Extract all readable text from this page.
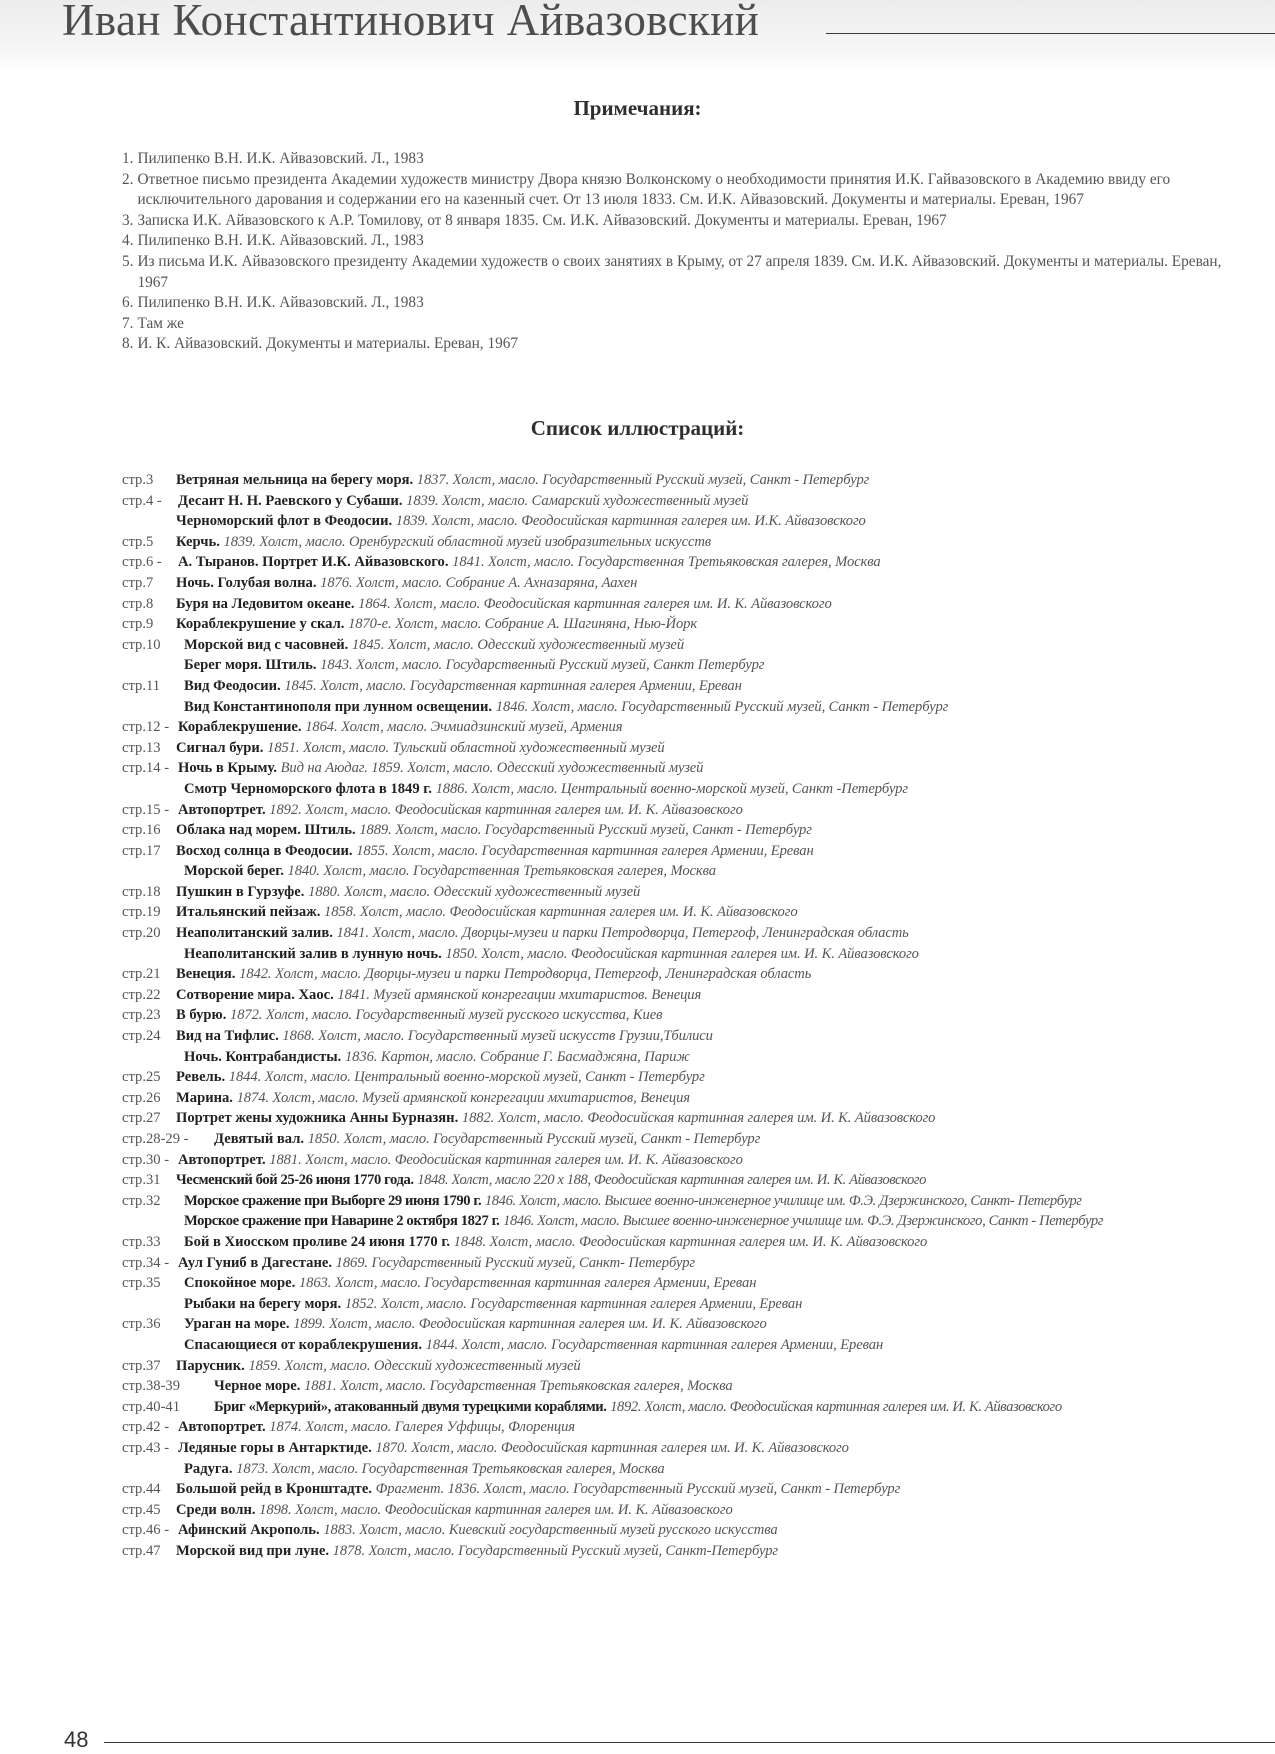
Иван Константинович Айвазовский
Примечания:
1. Пилипенко В.Н. И.К. Айвазовский. Л., 1983
2. Ответное письмо президента Академии художеств министру Двора князю Волконскому о необходимости принятия И.К. Гайвазовского в Академию ввиду его исключительного дарования и содержании его на казенный счет. От 13 июля 1833. См. И.К. Айвазовский. Документы и материалы. Ереван, 1967
3. Записка И.К. Айвазовского к А.Р. Томилову, от 8 января 1835. См. И.К. Айвазовский. Документы и материалы. Ереван, 1967
4. Пилипенко В.Н. И.К. Айвазовский. Л., 1983
5. Из письма И.К. Айвазовского президенту Академии художеств о своих занятиях в Крыму, от 27 апреля 1839. См. И.К. Айвазовский. Документы и материалы. Ереван, 1967
6. Пилипенко В.Н. И.К. Айвазовский. Л., 1983
7. Там же
8. И. К. Айвазовский. Документы и материалы. Ереван, 1967
Список иллюстраций:
стр.3	Ветряная мельница на берегу моря. 1837. Холст, масло. Государственный Русский музей, Санкт - Петербург
стр.4 -	Десант Н. Н. Раевского у Субаши. 1839. Холст, масло. Самарский художественный музей
Черноморский флот в Феодосии. 1839. Холст, масло. Феодосийская картинная галерея им. И.К. Айвазовского
стр.5	Керчь. 1839. Холст, масло. Оренбургский областной музей изобразительных искусств
стр.6 -	А. Тыранов. Портрет И.К. Айвазовского. 1841. Холст, масло. Государственная Третьяковская галерея, Москва
стр.7	Ночь. Голубая волна. 1876. Холст, масло. Собрание А. Ахназаряна, Аахен
стр.8	Буря на Ледовитом океане. 1864. Холст, масло. Феодосийская картинная галерея им. И. К. Айвазовского
стр.9	Кораблекрушение у скал. 1870-е. Холст, масло. Собрание А. Шагиняна, Нью-Йорк
стр.10	Морской вид с часовней. 1845. Холст, масло. Одесский художественный музей
Берег моря. Штиль. 1843. Холст, масло. Государственный Русский музей, Санкт Петербург
стр.11	Вид Феодосии. 1845. Холст, масло. Государственная картинная галерея Армении, Ереван
Вид Константинополя при лунном освещении. 1846. Холст, масло. Государственный Русский музей, Санкт - Петербург
стр.12 - Кораблекрушение. 1864. Холст, масло. Эчмиадзинский музей, Армения
стр.13	Сигнал бури. 1851. Холст, масло. Тульский областной художественный музей
стр.14 - Ночь в Крыму. Вид на Аюдаг. 1859. Холст, масло. Одесский художественный музей
Смотр Черноморского флота в 1849 г. 1886. Холст, масло. Центральный военно-морской музей, Санкт -Петербург
стр.15 - Автопортрет. 1892. Холст, масло. Феодосийская картинная галерея им. И. К. Айвазовского
стр.16	Облака над морем. Штиль. 1889. Холст, масло. Государственный Русский музей, Санкт - Петербург
стр.17	Восход солнца в Феодосии. 1855. Холст, масло. Государственная картинная галерея Армении, Ереван
Морской берег. 1840. Холст, масло. Государственная Третьяковская галерея, Москва
стр.18	Пушкин в Гурзуфе. 1880. Холст, масло. Одесский художественный музей
стр.19	Итальянский пейзаж. 1858. Холст, масло. Феодосийская картинная галерея им. И. К. Айвазовского
стр.20	Неаполитанский залив. 1841. Холст, масло. Дворцы-музеи и парки Петродворца, Петергоф, Ленинградская область
Неаполитанский залив в лунную ночь. 1850. Холст, масло. Феодосийская картинная галерея им. И. К. Айвазовского
стр.21	Венеция. 1842. Холст, масло. Дворцы-музеи и парки Петродворца, Петергоф, Ленинградская область
стр.22	Сотворение мира. Хаос. 1841. Музей армянской конгрегации мхитаристов. Венеция
стр.23	В бурю. 1872. Холст, масло. Государственный музей русского искусства, Киев
стр.24	Вид на Тифлис. 1868. Холст, масло. Государственный музей искусств Грузии,Тбилиси
Ночь. Контрабандисты. 1836. Картон, масло. Собрание Г. Басмаджяна, Париж
стр.25	Ревель. 1844. Холст, масло. Центральный военно-морской музей, Санкт - Петербург
стр.26	Марина. 1874. Холст, масло. Музей армянской конгрегации мхитаристов, Венеция
стр.27	Портрет жены художника Анны Бурназян. 1882. Холст, масло. Феодосийская картинная галерея им. И. К. Айвазовского
стр.28-29 -	Девятый вал. 1850. Холст, масло. Государственный Русский музей, Санкт - Петербург
стр.30 - Автопортрет. 1881. Холст, масло. Феодосийская картинная галерея им. И. К. Айвазовского
стр.31	Чесменский бой 25-26 июня 1770 года. 1848. Холст, масло 220 х 188, Феодосийская картинная галерея им. И. К. Айвазовского
стр.32	Морское сражение при Выборге 29 июня 1790 г. 1846. Холст, масло. Высшее военно-инженерное училище им. Ф.Э. Дзержинского, Санкт- Петербург
Морское сражение при Наварине 2 октября 1827 г. 1846. Холст, масло. Высшее военно-инженерное училище им. Ф.Э. Дзержинского, Санкт - Петербург
стр.33	Бой в Хиосском проливе 24 июня 1770 г. 1848. Холст, масло. Феодосийская картинная галерея им. И. К. Айвазовского
стр.34 - Аул Гуниб в Дагестане. 1869. Государственный Русский музей, Санкт- Петербург
стр.35	Спокойное море. 1863. Холст, масло. Государственная картинная галерея Армении, Ереван
Рыбаки на берегу моря. 1852. Холст, масло. Государственная картинная галерея Армении, Ереван
стр.36	Ураган на море. 1899. Холст, масло. Феодосийская картинная галерея им. И. К. Айвазовского
Спасающиеся от кораблекрушения. 1844. Холст, масло. Государственная картинная галерея Армении, Ереван
стр.37	Парусник. 1859. Холст, масло. Одесский художественный музей
стр.38-39	Черное море. 1881. Холст, масло. Государственная Третьяковская галерея, Москва
стр.40-41	Бриг «Меркурий», атакованный двумя турецкими кораблями. 1892. Холст, масло. Феодосийская картинная галерея им. И. К. Айвазовского
стр.42 - Автопортрет. 1874. Холст, масло. Галерея Уффицы, Флоренция
стр.43 - Ледяные горы в Антарктиде. 1870. Холст, масло. Феодосийская картинная галерея им. И. К. Айвазовского
Радуга. 1873. Холст, масло. Государственная Третьяковская галерея, Москва
стр.44	Большой рейд в Кронштадте. Фрагмент. 1836. Холст, масло. Государственный Русский музей, Санкт - Петербург
стр.45	Среди волн. 1898. Холст, масло. Феодосийская картинная галерея им. И. К. Айвазовского
стр.46 - Афинский Акрополь. 1883. Холст, масло. Киевский государственный музей русского искусства
стр.47	Морской вид при луне. 1878. Холст, масло. Государственный Русский музей, Санкт-Петербург
48
